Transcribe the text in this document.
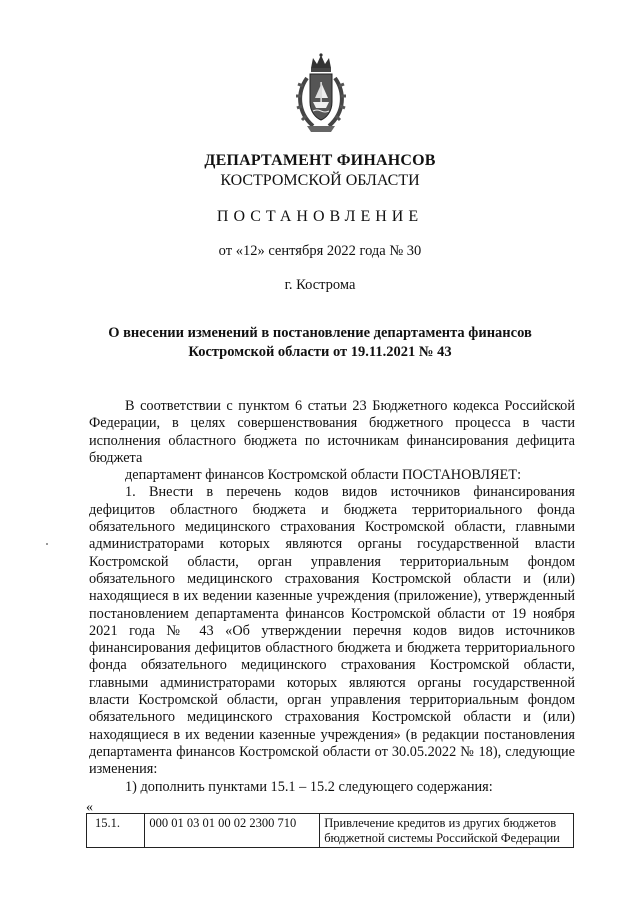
ДЕПАРТАМЕНТ ФИНАНСОВ
КОСТРОМСКОЙ ОБЛАСТИ
ПОСТАНОВЛЕНИЕ
от «12» сентября 2022 года № 30
г. Кострома
О внесении изменений в постановление департамента финансов
Костромской области от 19.11.2021 № 43

В соответствии с пунктом 6 статьи 23 Бюджетного кодекса Российской Федерации, в целях совершенствования бюджетного процесса в части исполнения областного бюджета по источникам финансирования дефицита бюджета

департамент финансов Костромской области ПОСТАНОВЛЯЕТ:

1. Внести в перечень кодов видов источников финансирования дефицитов областного бюджета и бюджета территориального фонда обязательного медицинского страхования Костромской области, главными администраторами которых являются органы государственной власти Костромской области, орган управления территориальным фондом обязательного медицинского страхования Костромской области и (или) находящиеся в их ведении казенные учреждения (приложение), утвержденный постановлением департамента финансов Костромской области от 19 ноября 2021 года № 43 «Об утверждении перечня кодов видов источников финансирования дефицитов областного бюджета и бюджета территориального фонда обязательного медицинского страхования Костромской области, главными администраторами которых являются органы государственной власти Костромской области, орган управления территориальным фондом обязательного медицинского страхования Костромской области и (или) находящиеся в их ведении казенные учреждения» (в редакции постановления департамента финансов Костромской области от 30.05.2022 № 18), следующие изменения:

1) дополнить пунктами 15.1 – 15.2 следующего содержания:

«
15.1.	000 01 03 01 00 02 2300 710	Привлечение кредитов из других бюджетов бюджетной системы Российской Федерации
